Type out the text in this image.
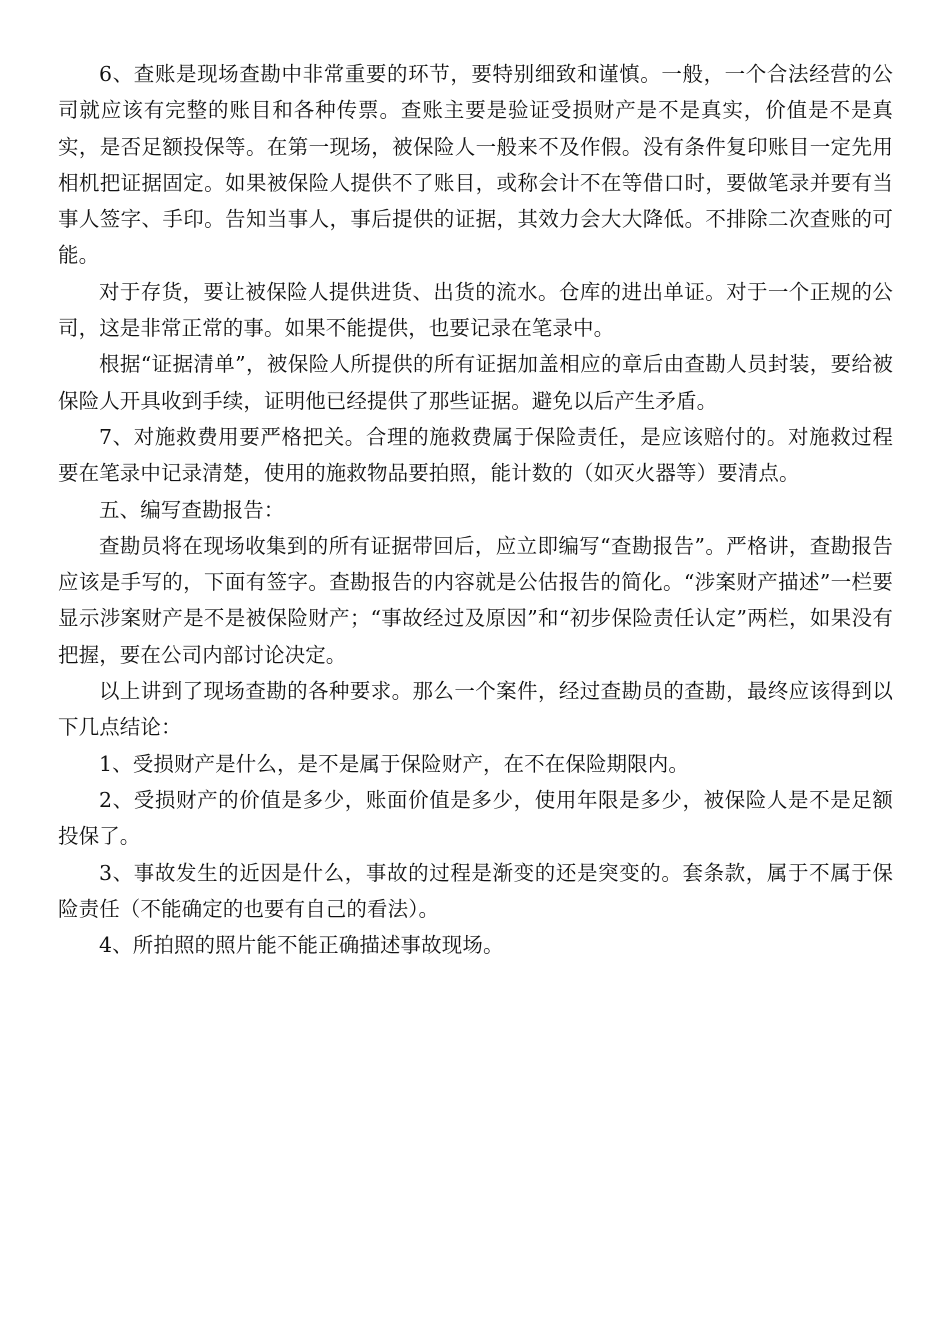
6、查账是现场查勘中非常重要的环节，要特别细致和谨慎。一般，一个合法经营的公司就应该有完整的账目和各种传票。查账主要是验证受损财产是不是真实，价值是不是真实，是否足额投保等。在第一现场，被保险人一般来不及作假。没有条件复印账目一定先用相机把证据固定。如果被保险人提供不了账目，或称会计不在等借口时，要做笔录并要有当事人签字、手印。告知当事人，事后提供的证据，其效力会大大降低。不排除二次查账的可能。

对于存货，要让被保险人提供进货、出货的流水。仓库的进出单证。对于一个正规的公司，这是非常正常的事。如果不能提供，也要记录在笔录中。

根据“证据清单”，被保险人所提供的所有证据加盖相应的章后由查勘人员封装，要给被保险人开具收到手续，证明他已经提供了那些证据。避免以后产生矛盾。

7、对施救费用要严格把关。合理的施救费属于保险责任，是应该赔付的。对施救过程要在笔录中记录清楚，使用的施救物品要拍照，能计数的（如灭火器等）要清点。

五、编写查勘报告：

查勘员将在现场收集到的所有证据带回后，应立即编写“查勘报告”。严格讲，查勘报告应该是手写的，下面有签字。查勘报告的内容就是公估报告的简化。“涉案财产描述”一栏要显示涉案财产是不是被保险财产；“事故经过及原因”和“初步保险责任认定”两栏，如果没有把握，要在公司内部讨论决定。

以上讲到了现场查勘的各种要求。那么一个案件，经过查勘员的查勘，最终应该得到以下几点结论：

1、受损财产是什么，是不是属于保险财产，在不在保险期限内。

2、受损财产的价值是多少，账面价值是多少，使用年限是多少，被保险人是不是足额投保了。

3、事故发生的近因是什么，事故的过程是渐变的还是突变的。套条款，属于不属于保险责任（不能确定的也要有自己的看法）。

4、所拍照的照片能不能正确描述事故现场。
